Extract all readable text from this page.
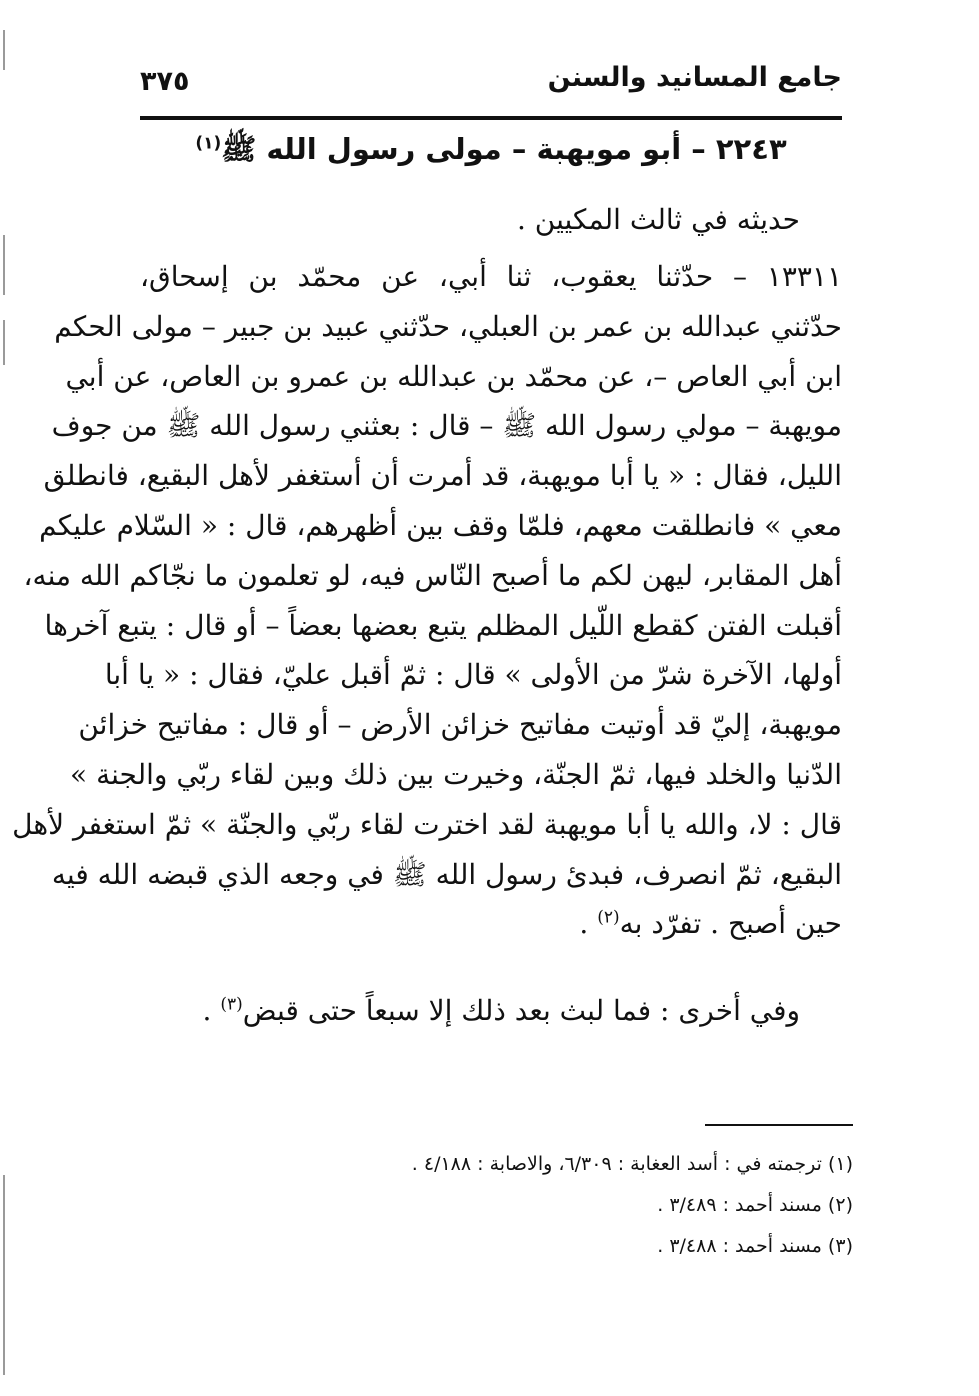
جامع المسانيد والسنن
٣٧٥
٢٢٤٣ – أبو مويهبة – مولى رسول الله ﷺ$^{(١)}$
حديثه في ثالث المكيين .
١٣٣١١ – حدّثنا يعقوب، ثنا أبي، عن محمّد بن إسحاق،
حدّثني عبدالله بن عمر بن العبلي، حدّثني عبيد بن جبير – مولى الحكم
ابن أبي العاص –، عن محمّد بن عبدالله بن عمرو بن العاص، عن أبي
مويهبة – مولي رسول الله ﷺ – قال : بعثني رسول الله ﷺ من جوف
الليل، فقال : « يا أبا مويهبة، قد أمرت أن أستغفر لأهل البقيع، فانطلق
معي » فانطلقت معهم، فلمّا وقف بين أظهرهم، قال : « السّلام عليكم
أهل المقابر، ليهن لكم ما أصبح النّاس فيه، لو تعلمون ما نجّاكم الله منه،
أقبلت الفتن كقطع اللّيل المظلم يتبع بعضها بعضاً – أو قال : يتبع آخرها
أولها، الآخرة شرّ من الأولى » قال : ثمّ أقبل عليّ، فقال : « يا أبا
مويهبة، إليّ قد أوتيت مفاتيح خزائن الأرض – أو قال : مفاتيح خزائن
الدّنيا والخلد فيها، ثمّ الجنّة، وخيرت بين ذلك وبين لقاء ربّي والجنة »
قال : لا، والله يا أبا مويهبة لقد اخترت لقاء ربّي والجنّة » ثمّ استغفر لأهل
البقيع، ثمّ انصرف، فبدئ رسول الله ﷺ في وجعه الذي قبضه الله فيه
حين أصبح . تفرّد به$^{(٢)}$ .
وفي أخرى : فما لبث بعد ذلك إلا سبعاً حتى قبض$^{(٣)}$ .
(١) ترجمته في : أسد العغابة : ٦/٣٠٩، والاصابة : ٤/١٨٨ .
(٢) مسند أحمد : ٣/٤٨٩ .
(٣) مسند أحمد : ٣/٤٨٨ .
